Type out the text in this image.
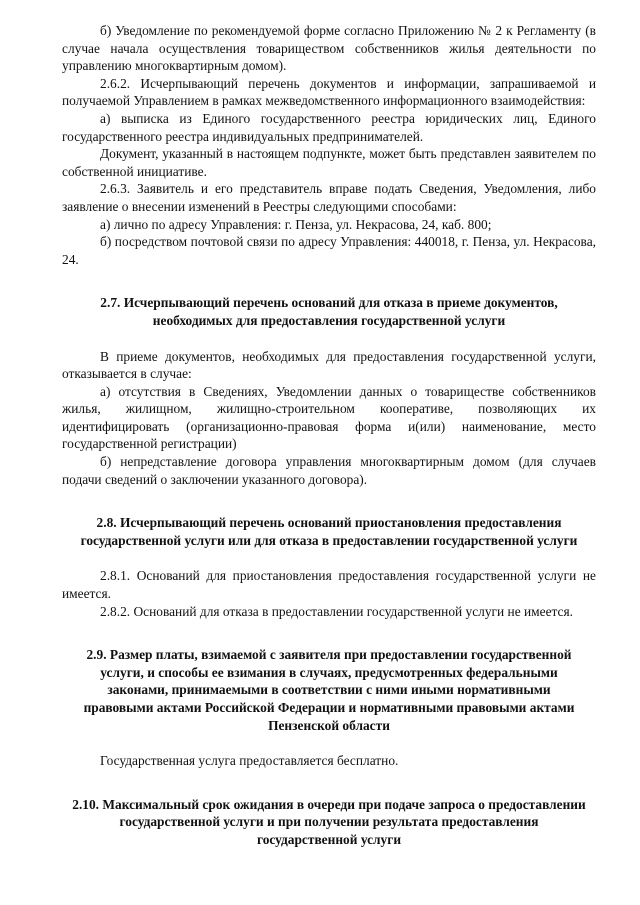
б) Уведомление по рекомендуемой форме согласно Приложению № 2 к Регламенту (в случае начала осуществления товариществом собственников жилья деятельности по управлению многоквартирным домом).

2.6.2. Исчерпывающий перечень документов и информации, запрашиваемой и получаемой Управлением в рамках межведомственного информационного взаимодействия:

а) выписка из Единого государственного реестра юридических лиц, Единого государственного реестра индивидуальных предпринимателей.

Документ, указанный в настоящем подпункте, может быть представлен заявителем по собственной инициативе.

2.6.3. Заявитель и его представитель вправе подать Сведения, Уведомления, либо заявление о внесении изменений в Реестры следующими способами:

а) лично по адресу Управления: г. Пенза, ул. Некрасова, 24, каб. 800;

б) посредством почтовой связи по адресу Управления: 440018, г. Пенза, ул. Некрасова, 24.

2.7. Исчерпывающий перечень оснований для отказа в приеме документов, необходимых для предоставления государственной услуги

В приеме документов, необходимых для предоставления государственной услуги, отказывается в случае:

а) отсутствия в Сведениях, Уведомлении данных о товариществе собственников жилья, жилищном, жилищно-строительном кооперативе, позволяющих их идентифицировать (организационно-правовая форма и(или) наименование, место государственной регистрации)

б) непредставление договора управления многоквартирным домом (для случаев подачи сведений о заключении указанного договора).

2.8. Исчерпывающий перечень оснований приостановления предоставления государственной услуги или для отказа в предоставлении государственной услуги

2.8.1. Оснований для приостановления предоставления государственной услуги не имеется.

2.8.2. Оснований для отказа в предоставлении государственной услуги не имеется.

2.9. Размер платы, взимаемой с заявителя при предоставлении государственной услуги, и способы ее взимания в случаях, предусмотренных федеральными законами, принимаемыми в соответствии с ними иными нормативными правовыми актами Российской Федерации и нормативными правовыми актами Пензенской области

Государственная услуга предоставляется бесплатно.

2.10. Максимальный срок ожидания в очереди при подаче запроса о предоставлении государственной услуги и при получении результата предоставления государственной услуги
